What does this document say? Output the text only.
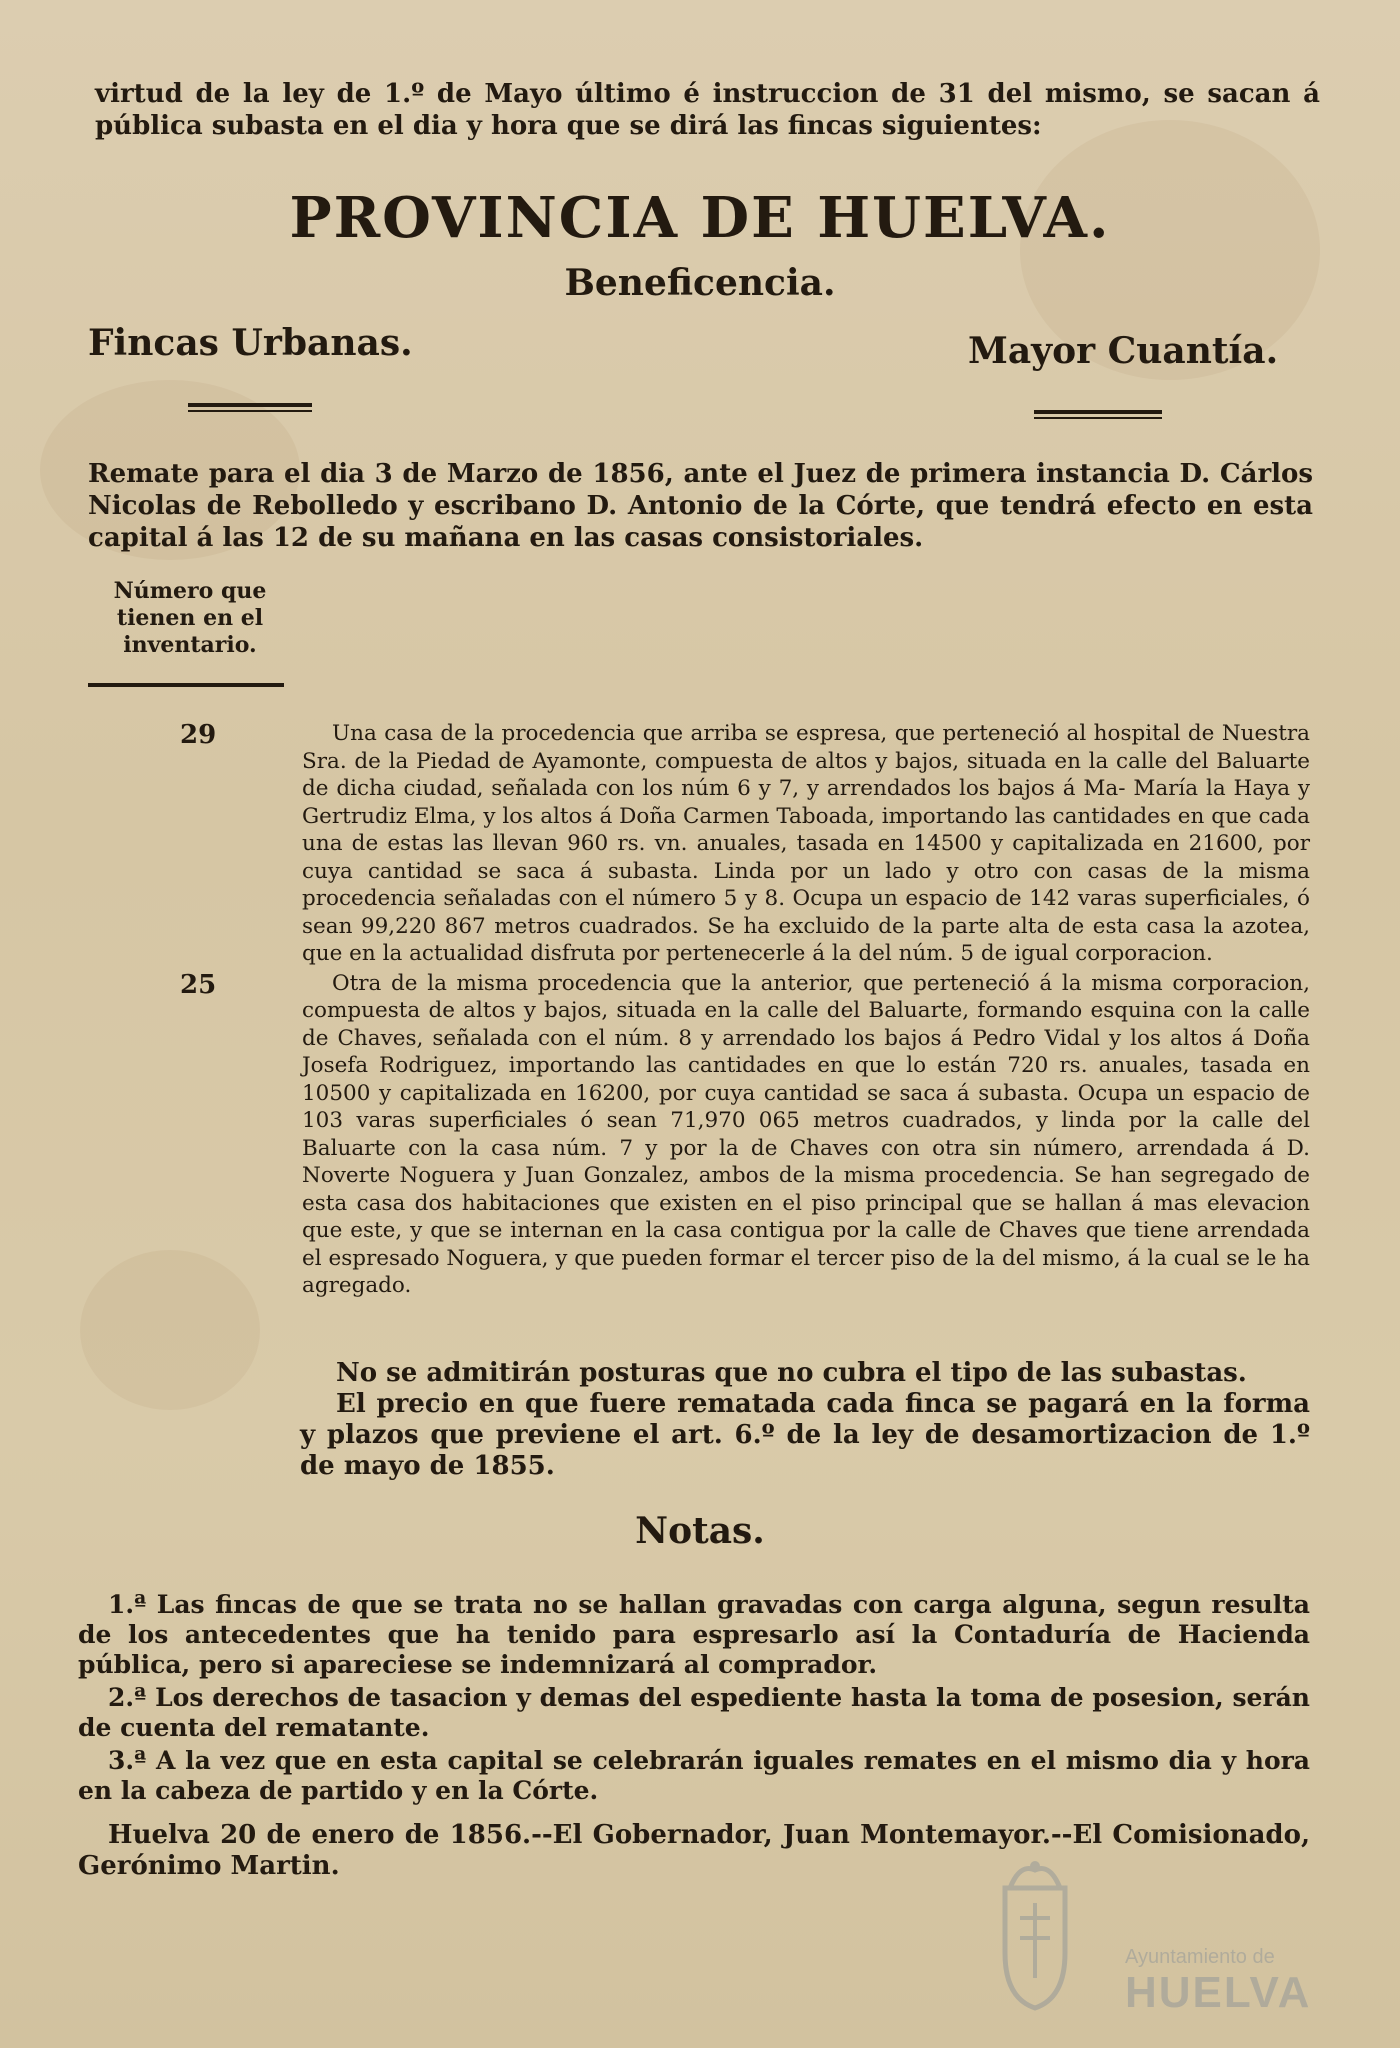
virtud de la ley de 1.º de Mayo último é instruccion de 31 del mismo, se sacan á pública subasta en el dia y hora que se dirá las fincas siguientes:
PROVINCIA DE HUELVA.
Beneficencia.
Fincas Urbanas.	Mayor Cuantía.
Remate para el dia 3 de Marzo de 1856, ante el Juez de primera instancia D. Cárlos Nicolas de Rebolledo y escribano D. Antonio de la Córte, que tendrá efecto en esta capital á las 12 de su mañana en las casas consistoriales.
Número que tienen en el inventario.
29	Una casa de la procedencia que arriba se espresa, que perteneció al hospital de Nuestra Sra. de la Piedad de Ayamonte, compuesta de altos y bajos, situada en la calle del Baluarte de dicha ciudad, señalada con los núm 6 y 7, y arrendados los bajos á Ma- María la Haya y Gertrudiz Elma, y los altos á Doña Carmen Taboada, importando las cantidades en que cada una de estas las llevan 960 rs. vn. anuales, tasada en 14500 y capitalizada en 21600, por cuya cantidad se saca á subasta. Linda por un lado y otro con casas de la misma procedencia señaladas con el número 5 y 8. Ocupa un espacio de 142 varas superficiales, ó sean 99,220 867 metros cuadrados. Se ha excluido de la parte alta de esta casa la azotea, que en la actualidad disfruta por pertenecerle á la del núm. 5 de igual corporacion.
25	Otra de la misma procedencia que la anterior, que perteneció á la misma corporacion, compuesta de altos y bajos, situada en la calle del Baluarte, formando esquina con la calle de Chaves, señalada con el núm. 8 y arrendado los bajos á Pedro Vidal y los altos á Doña Josefa Rodriguez, importando las cantidades en que lo están 720 rs. anuales, tasada en 10500 y capitalizada en 16200, por cuya cantidad se saca á subasta. Ocupa un espacio de 103 varas superficiales ó sean 71,970 065 metros cuadrados, y linda por la calle del Baluarte con la casa núm. 7 y por la de Chaves con otra sin número, arrendada á D. Noverte Noguera y Juan Gonzalez, ambos de la misma procedencia. Se han segregado de esta casa dos habitaciones que existen en el piso principal que se hallan á mas elevacion que este, y que se internan en la casa contigua por la calle de Chaves que tiene arrendada el espresado Noguera, y que pueden formar el tercer piso de la del mismo, á la cual se le ha agregado.

No se admitirán posturas que no cubra el tipo de las subastas.

El precio en que fuere rematada cada finca se pagará en la forma y plazos que previene el art. 6.º de la ley de desamortizacion de 1.º de mayo de 1855.

Notas.

1.ª Las fincas de que se trata no se hallan gravadas con carga alguna, segun resulta de los antecedentes que ha tenido para espresarlo así la Contaduría de Hacienda pública, pero si apareciese se indemnizará al comprador.

2.ª Los derechos de tasacion y demas del espediente hasta la toma de posesion, serán de cuenta del rematante.

3.ª A la vez que en esta capital se celebrarán iguales remates en el mismo dia y hora en la cabeza de partido y en la Córte.

Huelva 20 de enero de 1856.--El Gobernador, Juan Montemayor.--El Comisionado, Gerónimo Martin.
Ayuntamiento de
HUELVA
